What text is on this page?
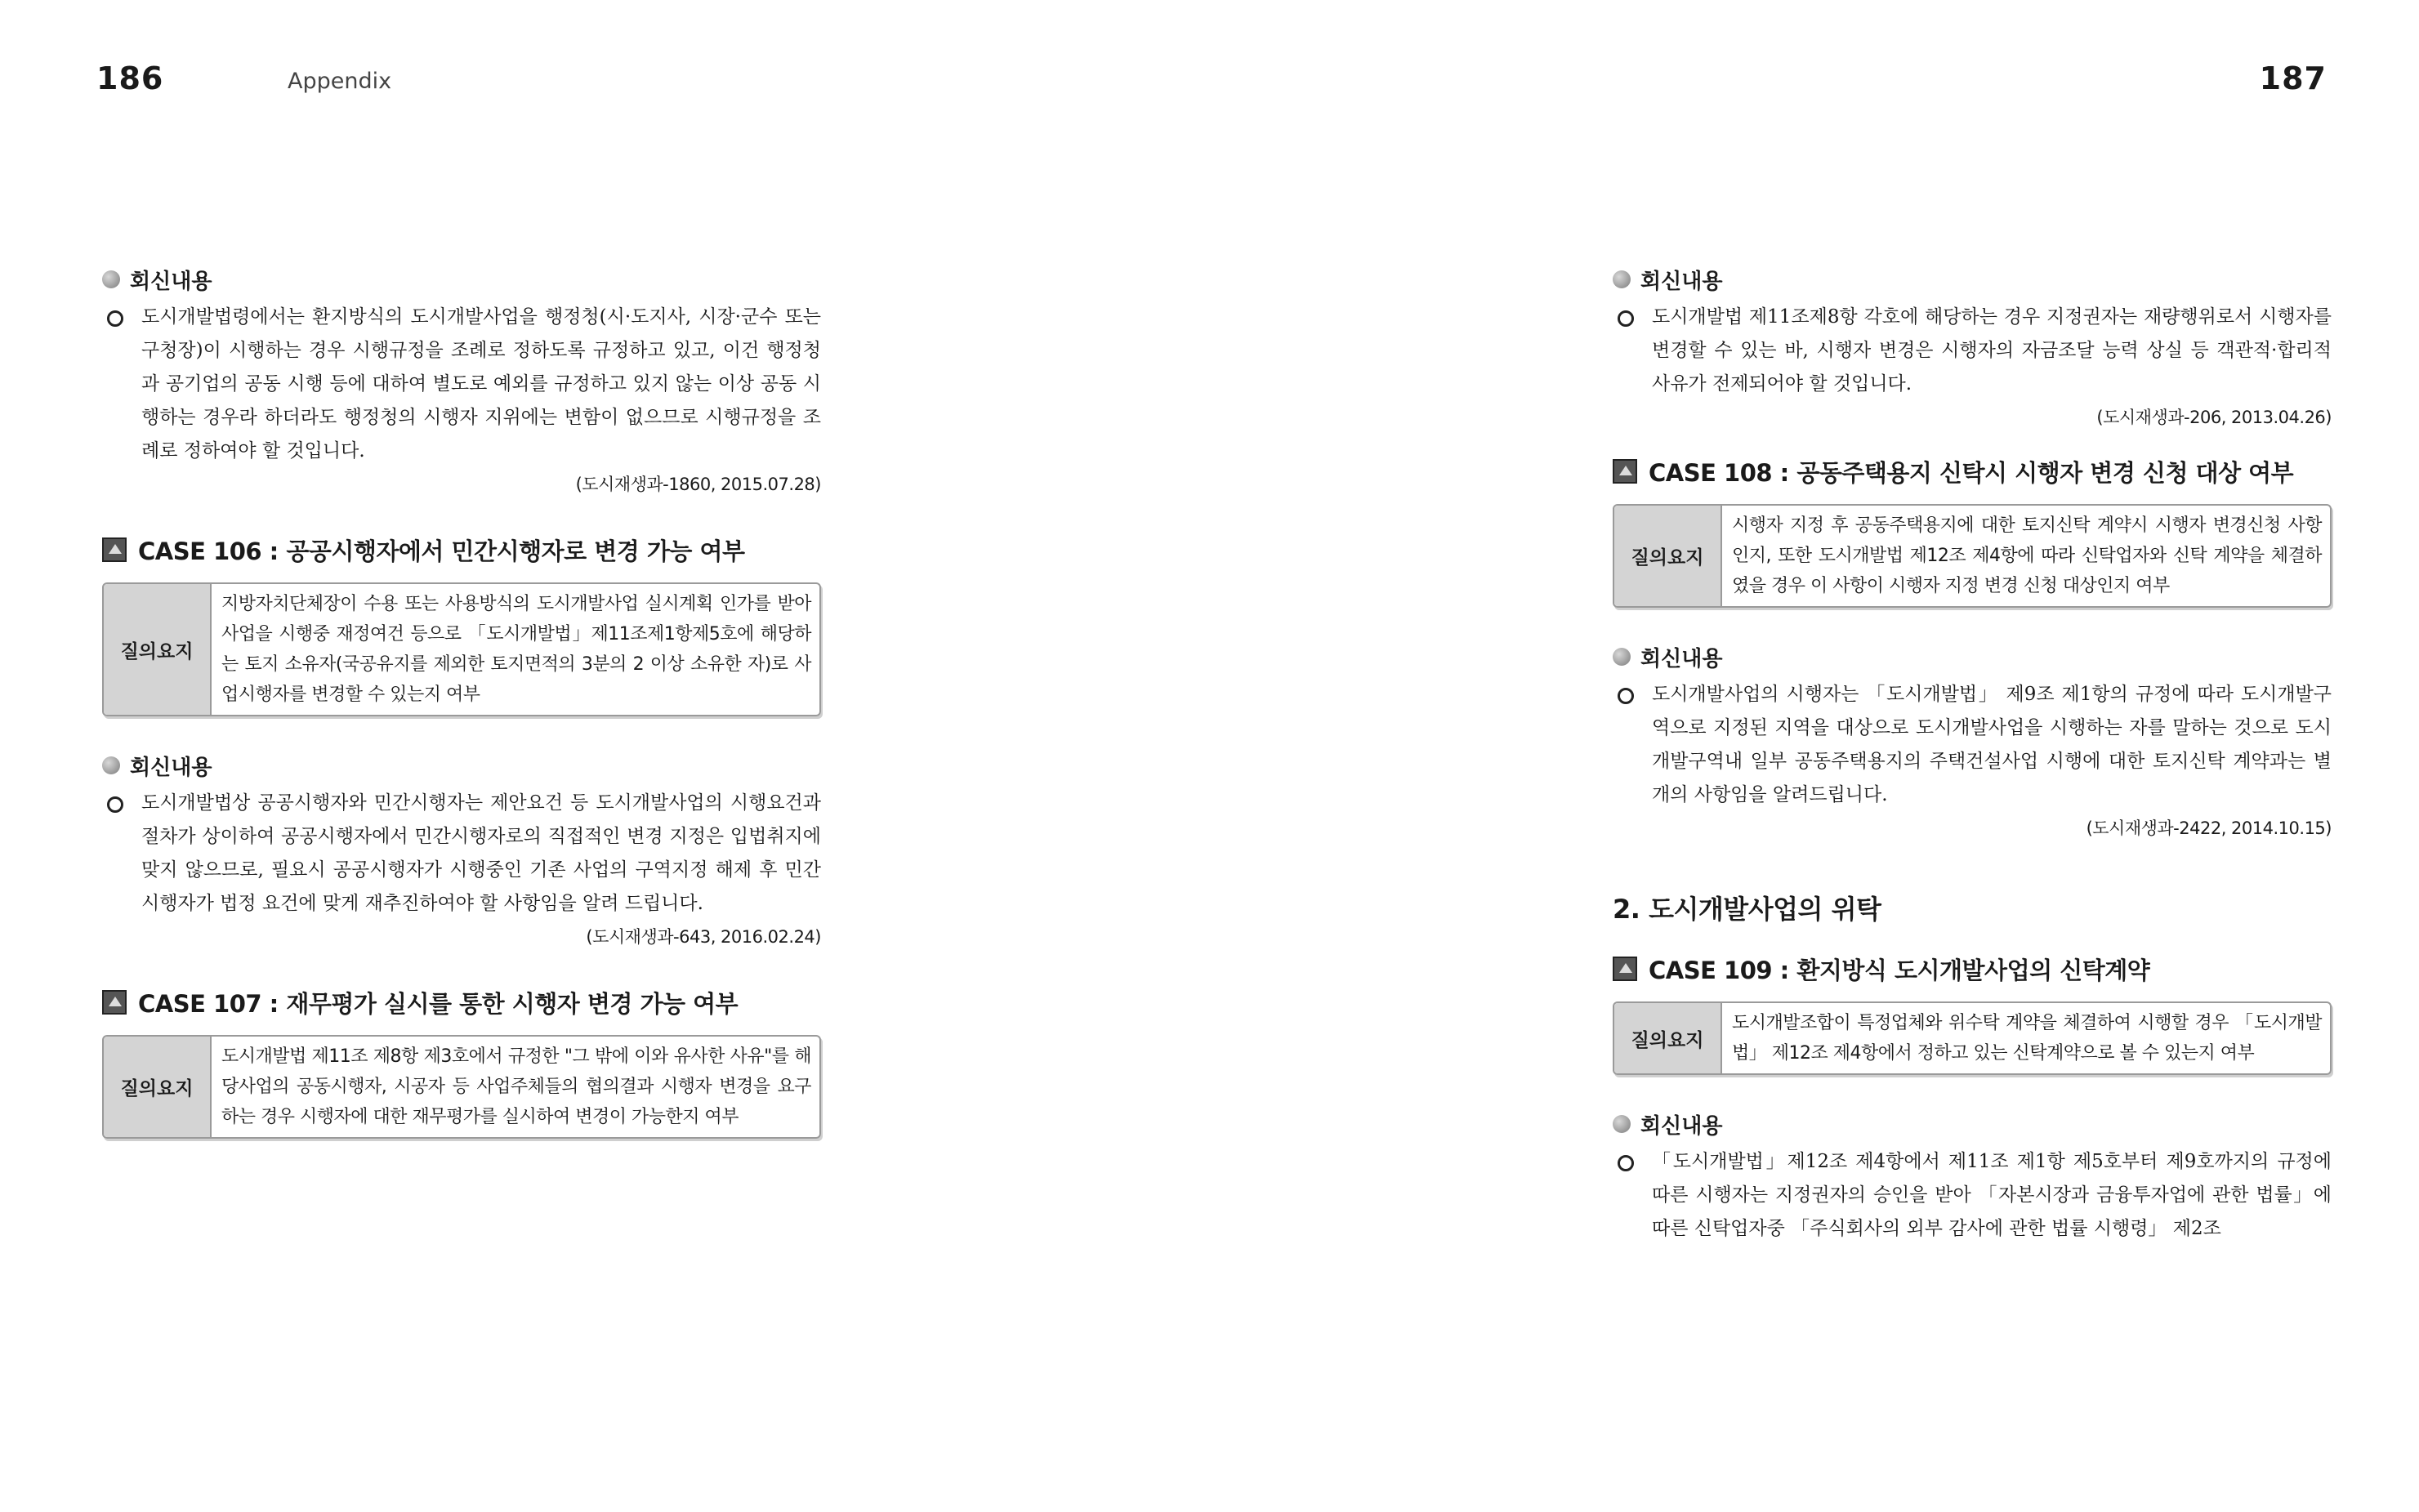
186	Appendix
회신내용
도시개발법령에서는 환지방식의 도시개발사업을 행정청(시·도지사, 시장·군수 또는 구청장)이 시행하는 경우 시행규정을 조례로 정하도록 규정하고 있고, 이건 행정청과 공기업의 공동 시행 등에 대하여 별도로 예외를 규정하고 있지 않는 이상 공동 시행하는 경우라 하더라도 행정청의 시행자 지위에는 변함이 없으므로 시행규정을 조례로 정하여야 할 것입니다.
(도시재생과-1860, 2015.07.28)
CASE 106 : 공공시행자에서 민간시행자로 변경 가능 여부
질의요지
지방자치단체장이 수용 또는 사용방식의 도시개발사업 실시계획 인가를 받아 사업을 시행중 재정여건 등으로 「도시개발법」제11조제1항제5호에 해당하는 토지 소유자(국공유지를 제외한 토지면적의 3분의 2 이상 소유한 자)로 사업시행자를 변경할 수 있는지 여부
회신내용
도시개발법상 공공시행자와 민간시행자는 제안요건 등 도시개발사업의 시행요건과 절차가 상이하여 공공시행자에서 민간시행자로의 직접적인 변경 지정은 입법취지에 맞지 않으므로, 필요시 공공시행자가 시행중인 기존 사업의 구역지정 해제 후 민간시행자가 법정 요건에 맞게 재추진하여야 할 사항임을 알려 드립니다.
(도시재생과-643, 2016.02.24)
CASE 107 : 재무평가 실시를 통한 시행자 변경 가능 여부
질의요지
도시개발법 제11조 제8항 제3호에서 규정한 "그 밖에 이와 유사한 사유"를 해당사업의 공동시행자, 시공자 등 사업주체들의 협의결과 시행자 변경을 요구하는 경우 시행자에 대한 재무평가를 실시하여 변경이 가능한지 여부
187
회신내용
도시개발법 제11조제8항 각호에 해당하는 경우 지정권자는 재량행위로서 시행자를 변경할 수 있는 바, 시행자 변경은 시행자의 자금조달 능력 상실 등 객관적·합리적 사유가 전제되어야 할 것입니다.
(도시재생과-206, 2013.04.26)
CASE 108 : 공동주택용지 신탁시 시행자 변경 신청 대상 여부
질의요지
시행자 지정 후 공동주택용지에 대한 토지신탁 계약시 시행자 변경신청 사항인지, 또한 도시개발법 제12조 제4항에 따라 신탁업자와 신탁 계약을 체결하였을 경우 이 사항이 시행자 지정 변경 신청 대상인지 여부
회신내용
도시개발사업의 시행자는 「도시개발법」 제9조 제1항의 규정에 따라 도시개발구역으로 지정된 지역을 대상으로 도시개발사업을 시행하는 자를 말하는 것으로 도시개발구역내 일부 공동주택용지의 주택건설사업 시행에 대한 토지신탁 계약과는 별개의 사항임을 알려드립니다.
(도시재생과-2422, 2014.10.15)
2. 도시개발사업의 위탁
CASE 109 : 환지방식 도시개발사업의 신탁계약
질의요지
도시개발조합이 특정업체와 위수탁 계약을 체결하여 시행할 경우 「도시개발법」 제12조 제4항에서 정하고 있는 신탁계약으로 볼 수 있는지 여부
회신내용
「도시개발법」제12조 제4항에서 제11조 제1항 제5호부터 제9호까지의 규정에 따른 시행자는 지정권자의 승인을 받아 「자본시장과 금융투자업에 관한 법률」에 따른 신탁업자중 「주식회사의 외부 감사에 관한 법률 시행령」 제2조
